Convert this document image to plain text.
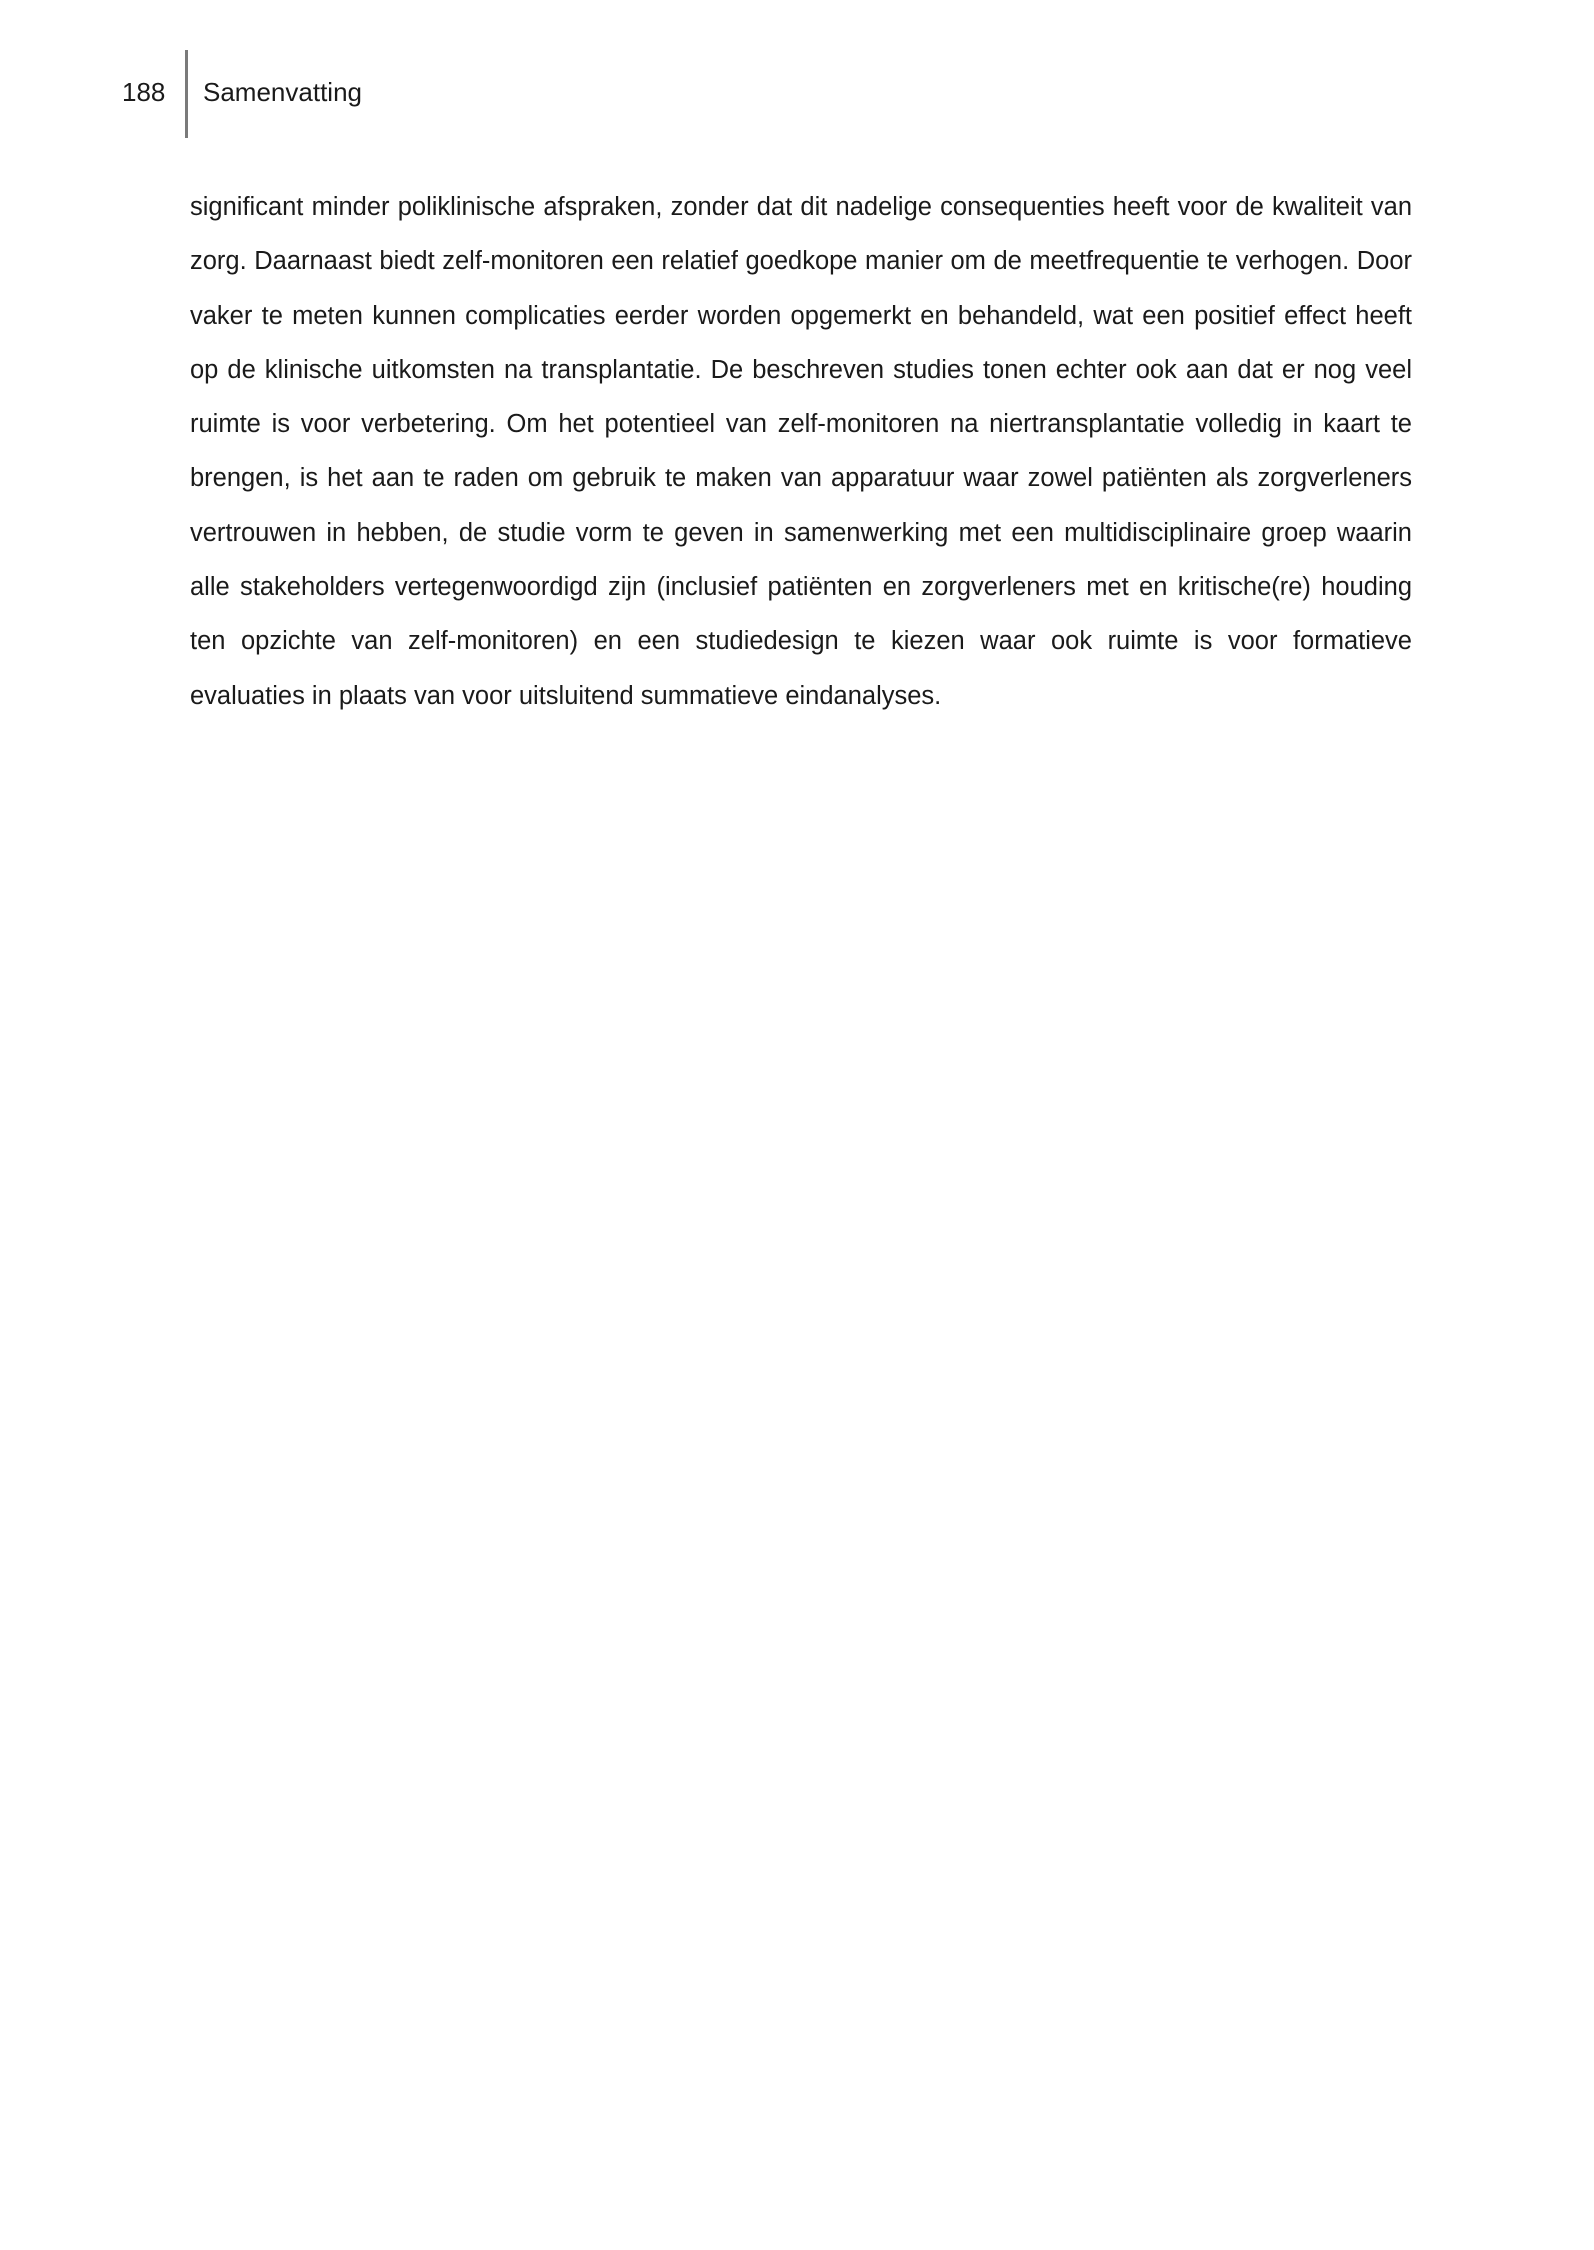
188 Samenvatting

significant minder poliklinische afspraken, zonder dat dit nadelige consequenties heeft voor de kwaliteit van zorg. Daarnaast biedt zelf-monitoren een relatief goedkope manier om de meetfrequentie te verhogen. Door vaker te meten kunnen complicaties eerder worden opgemerkt en behandeld, wat een positief effect heeft op de klinische uitkomsten na transplantatie. De beschreven studies tonen echter ook aan dat er nog veel ruimte is voor verbetering. Om het potentieel van zelf-monitoren na niertransplantatie volledig in kaart te brengen, is het aan te raden om gebruik te maken van apparatuur waar zowel patiënten als zorgverleners vertrouwen in hebben, de studie vorm te geven in samenwerking met een multidisciplinaire groep waarin alle stakeholders vertegenwoordigd zijn (inclusief patiënten en zorgverleners met en kritische(re) houding ten opzichte van zelf-monitoren) en een studiedesign te kiezen waar ook ruimte is voor formatieve evaluaties in plaats van voor uitsluitend summatieve eindanalyses.
